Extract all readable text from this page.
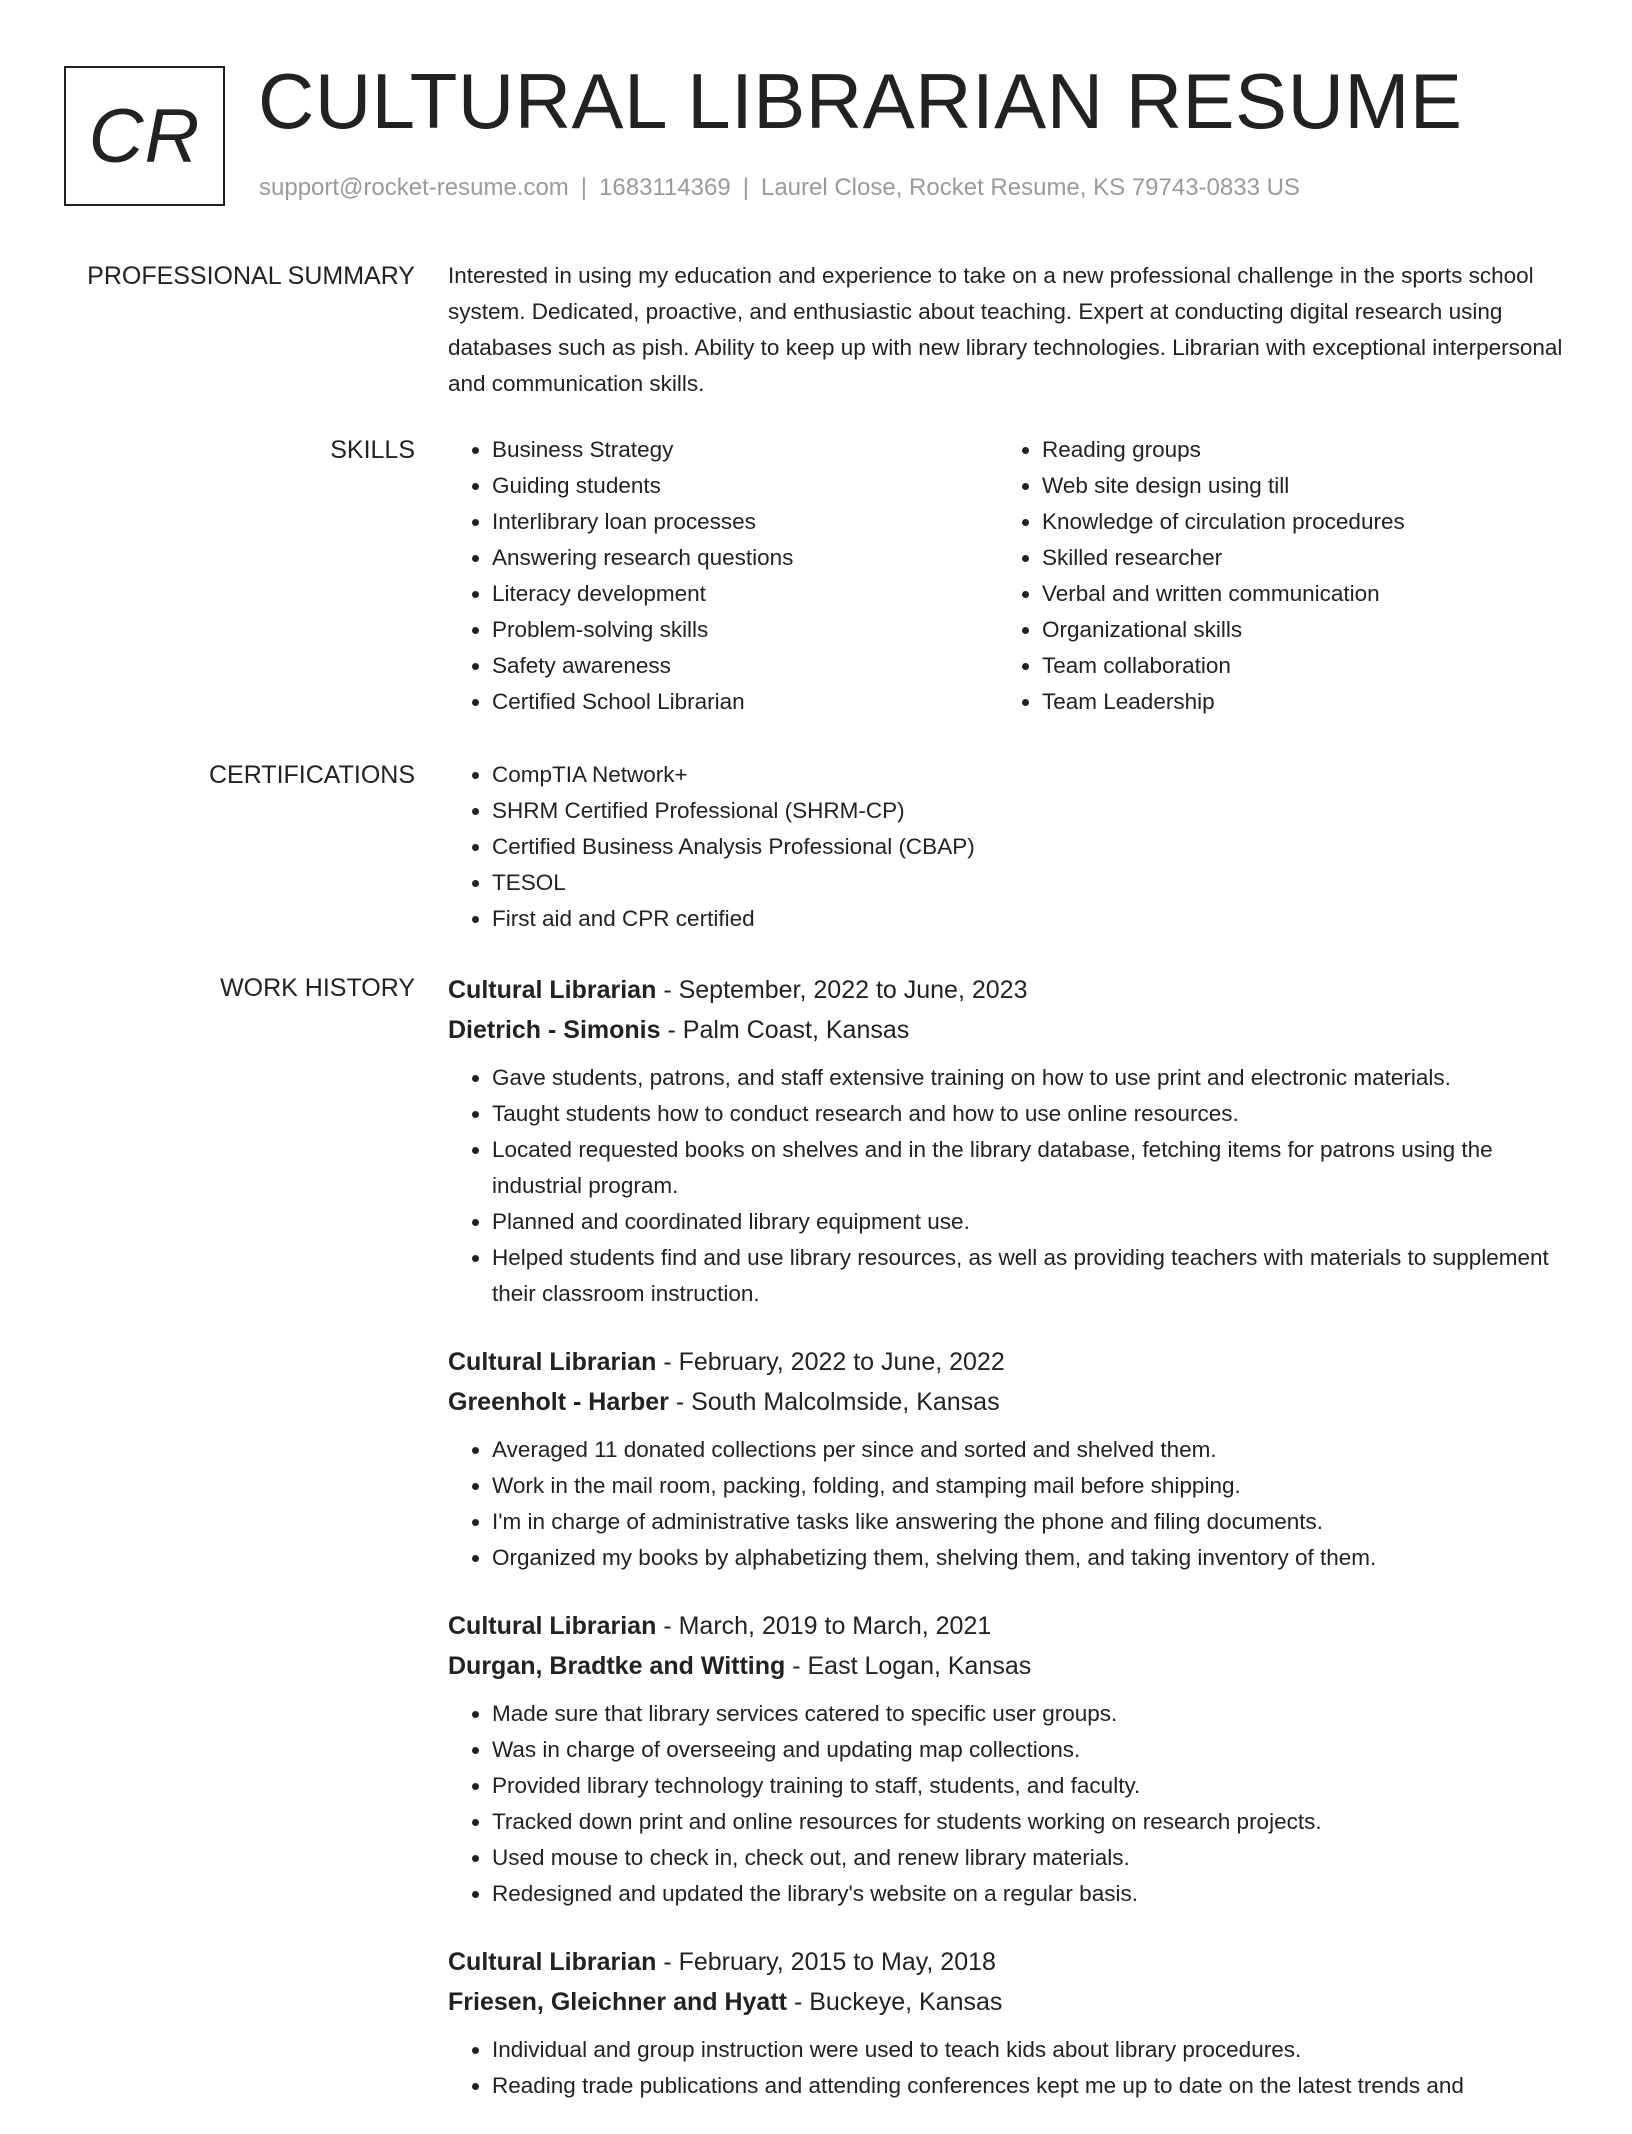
CR CULTURAL LIBRARIAN RESUME
support@rocket-resume.com | 1683114369 | Laurel Close, Rocket Resume, KS 79743-0833 US
PROFESSIONAL SUMMARY Interested in using my education and experience to take on a new professional challenge in the sports school system. Dedicated, proactive, and enthusiastic about teaching. Expert at conducting digital research using databases such as pish. Ability to keep up with new library technologies. Librarian with exceptional interpersonal and communication skills.

SKILLS	• Business Strategy
• Guiding students
• Interlibrary loan processes
• Answering research questions
• Literacy development
• Problem-solving skills
• Safety awareness
• Certified School Librarian
• Reading groups
• Web site design using till
• Knowledge of circulation procedures
• Skilled researcher
• Verbal and written communication
• Organizational skills
• Team collaboration
• Team Leadership
CERTIFICATIONS	• CompTIA Network+
• SHRM Certified Professional (SHRM-CP)
• Certified Business Analysis Professional (CBAP)
• TESOL
• First aid and CPR certified
WORK HISTORY Cultural Librarian - September, 2022 to June, 2023
Dietrich - Simonis - Palm Coast, Kansas
• Gave students, patrons, and staff extensive training on how to use print and electronic materials.
• Taught students how to conduct research and how to use online resources.
• Located requested books on shelves and in the library database, fetching items for patrons using the industrial program.
• Planned and coordinated library equipment use.
• Helped students find and use library resources, as well as providing teachers with materials to supplement their classroom instruction.
Cultural Librarian - February, 2022 to June, 2022
Greenholt - Harber - South Malcolmside, Kansas
• Averaged 11 donated collections per since and sorted and shelved them.
• Work in the mail room, packing, folding, and stamping mail before shipping.
• I'm in charge of administrative tasks like answering the phone and filing documents.
• Organized my books by alphabetizing them, shelving them, and taking inventory of them.
Cultural Librarian - March, 2019 to March, 2021
Durgan, Bradtke and Witting - East Logan, Kansas
• Made sure that library services catered to specific user groups.
• Was in charge of overseeing and updating map collections.
• Provided library technology training to staff, students, and faculty.
• Tracked down print and online resources for students working on research projects.
• Used mouse to check in, check out, and renew library materials.
• Redesigned and updated the library's website on a regular basis.
Cultural Librarian - February, 2015 to May, 2018
Friesen, Gleichner and Hyatt - Buckeye, Kansas
• Individual and group instruction were used to teach kids about library procedures.
• Reading trade publications and attending conferences kept me up to date on the latest trends and
